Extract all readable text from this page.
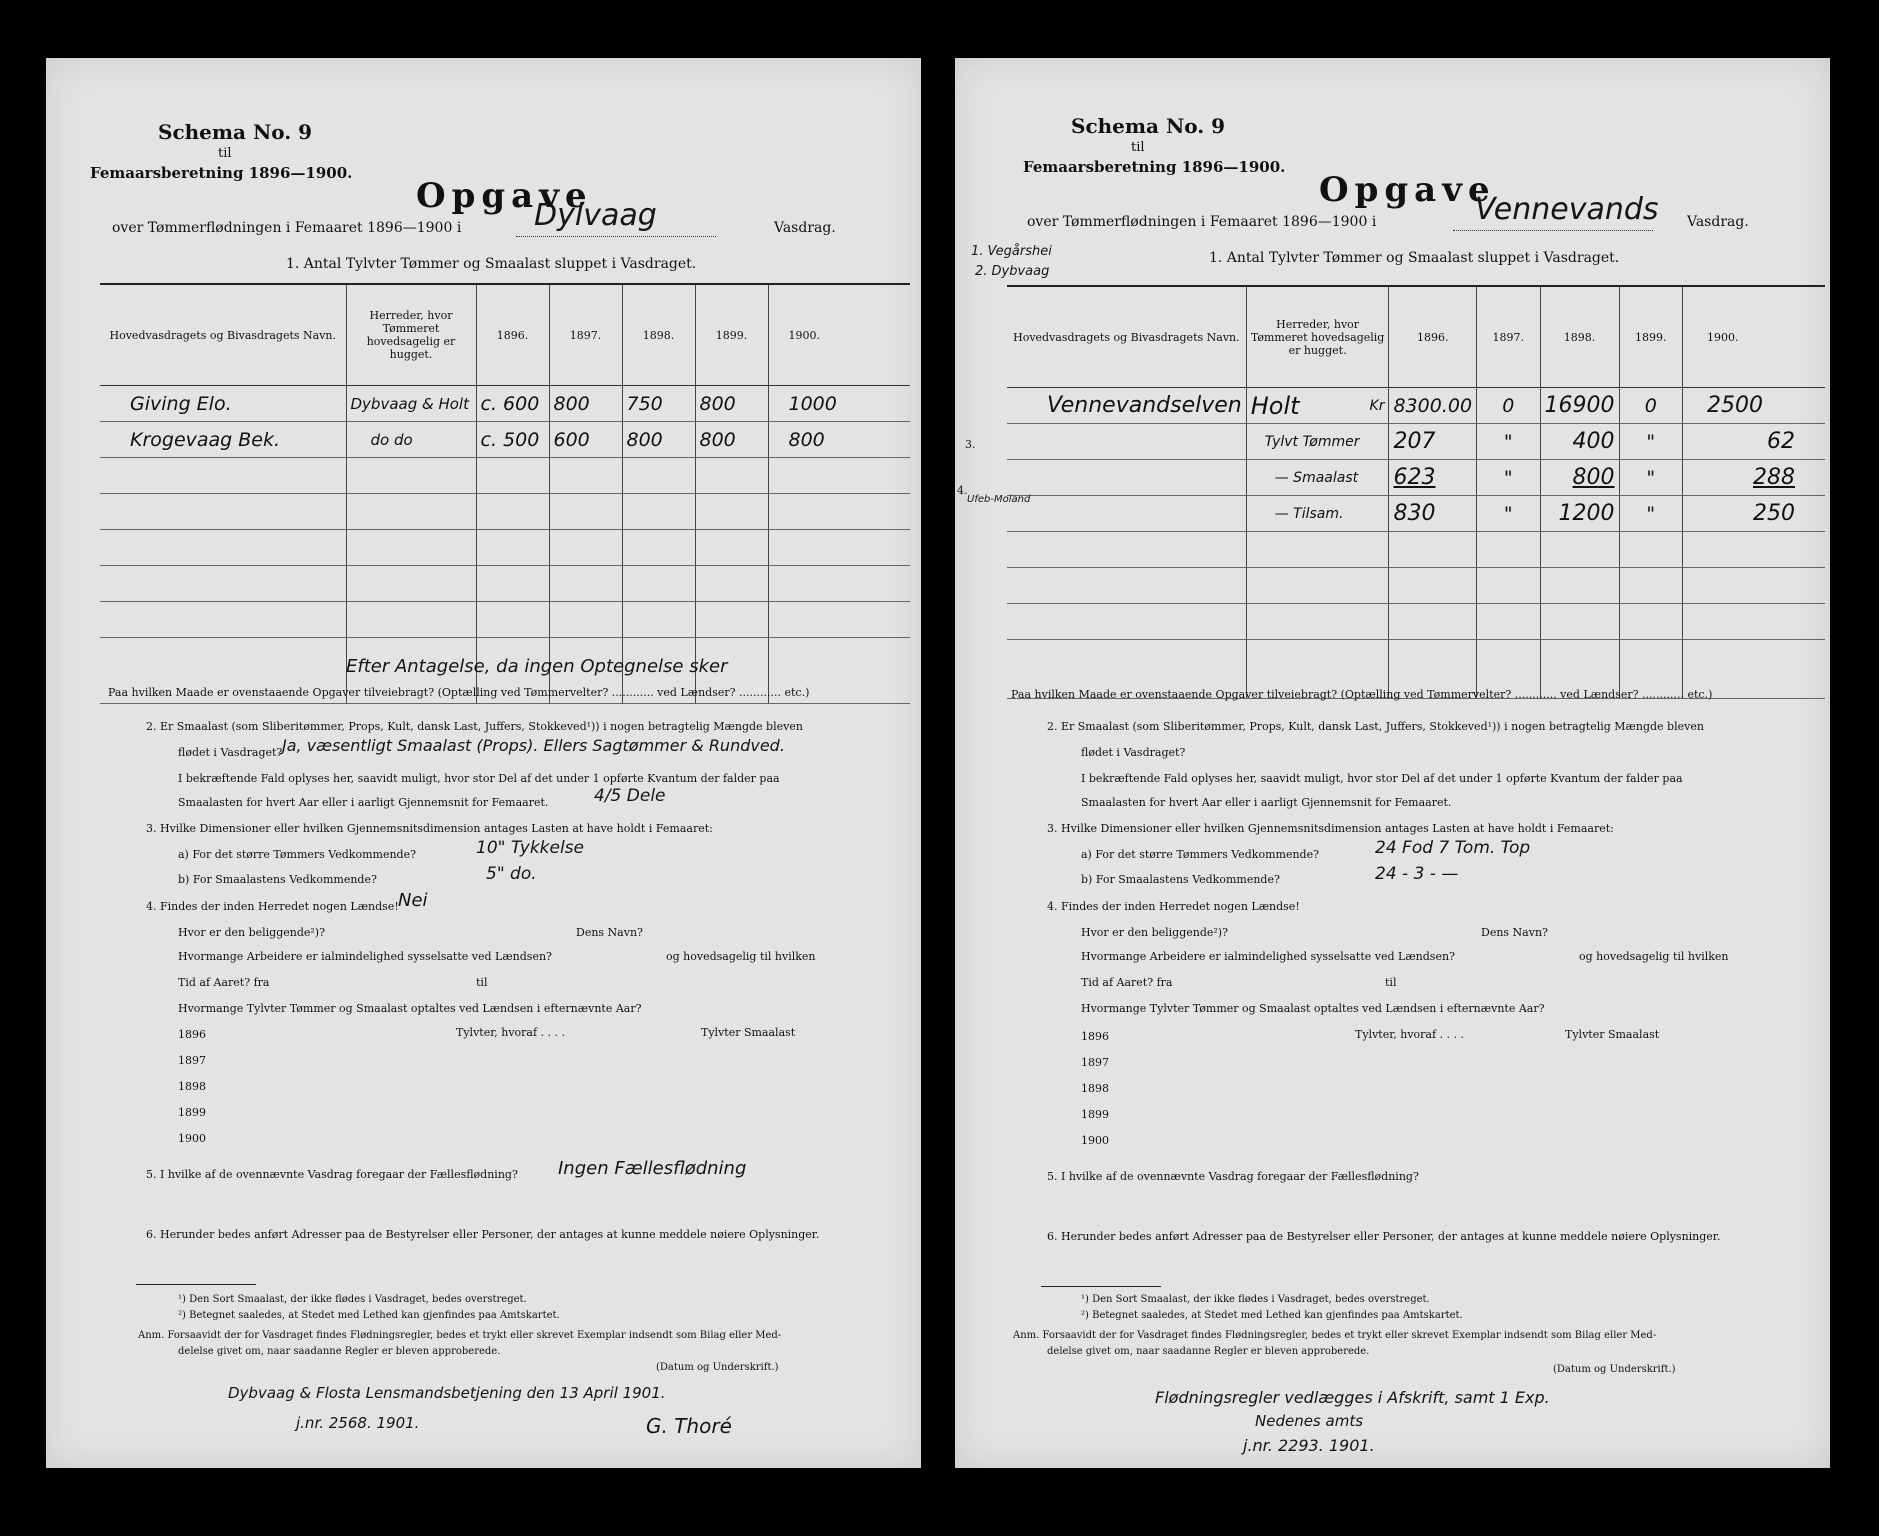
Schema No. 9
til
Femaarsberetning 1896—1900.
Opgave
over Tømmerflødningen i Femaaret 1896—1900 i Dylvaag	Vasdrag.
1. Antal Tylvter Tømmer og Smaalast sluppet i Vasdraget.
Hovedvasdragets og Bivasdragets Navn.	Herreder, hvor Tømmeret hovedsagelig er hugget.	1896.	1897.	1898.	1899.	1900.
Giving Elo.	Dybvaag & Holt	c. 600	800	750	800	1000
Krogevaag Bek.	do do	c. 500	600	800	800	800

Efter Antagelse, da ingen Optegnelse sker
Paa hvilken Maade er ovenstaaende Opgaver tilveiebragt? (Optælling ved Tømmervelter? ............ ved Lændser? ............ etc.)
2. Er Smaalast (som Sliberitømmer, Props, Kult, dansk Last, Juffers, Stokkeved¹)) i nogen betragtelig Mængde bleven
flødet i Vasdraget? Ja, væsentligt Smaalast (Props). Ellers Sagtømmer & Rundved.
I bekræftende Fald oplyses her, saavidt muligt, hvor stor Del af det under 1 opførte Kvantum der falder paa
Smaalasten for hvert Aar eller i aarligt Gjennemsnit for Femaaret.	4/5 Dele
3. Hvilke Dimensioner eller hvilken Gjennemsnitsdimension antages Lasten at have holdt i Femaaret:
a) For det større Tømmers Vedkommende?	10" Tykkelse
b) For Smaalastens Vedkommende?	5" do.
4. Findes der inden Herredet nogen Lændse! Nei
Hvor er den beliggende²)?	Dens Navn?
Hvormange Arbeidere er ialmindelighed sysselsatte ved Lændsen?	og hovedsagelig til hvilken
Tid af Aaret? fra	til
Hvormange Tylvter Tømmer og Smaalast optaltes ved Lændsen i efternævnte Aar?
Tylvter, hvoraf . . . .	Tylvter Smaalast
1896
1897
1898
1899
1900
5. I hvilke af de ovennævnte Vasdrag foregaar der Fællesflødning? Ingen Fællesflødning
6. Herunder bedes anført Adresser paa de Bestyrelser eller Personer, der antages at kunne meddele nøiere Oplysninger.
¹) Den Sort Smaalast, der ikke flødes i Vasdraget, bedes overstreget.
²) Betegnet saaledes, at Stedet med Lethed kan gjenfindes paa Amtskartet.
Anm. Forsaavidt der for Vasdraget findes Flødningsregler, bedes et trykt eller skrevet Exemplar indsendt som Bilag eller Med-
delelse givet om, naar saadanne Regler er bleven approberede.
(Datum og Underskrift.)
Dybvaag & Flosta Lensmandsbetjening den 13 April 1901.
j.nr. 2568. 1901.	G. Thoré
Schema No. 9
til
Femaarsberetning 1896—1900.
Opgave
over Tømmerflødningen i Femaaret 1896—1900 i	Vennevands Vasdrag.
1. Vegårshei
2. Dybvaag
1. Antal Tylvter Tømmer og Smaalast sluppet i Vasdraget.
Hovedvasdragets og Bivasdragets Navn.	Herreder, hvor Tømmeret hovedsagelig er hugget.	1896.	1897.	1898.	1899.	1900.
Vennevandselven	Holt Kr	8300.00	0	16900	0	2500
	Tylvt Tømmer	207	"	400	"	62
	— Smaalast	623	"	800	"	288
	— Tilsam.	830	"	1200	"	250

3.
4.
Ufeb-Moland
Paa hvilken Maade er ovenstaaende Opgaver tilveiebragt? (Optælling ved Tømmervelter? ............ ved Lændser? ............ etc.)
2. Er Smaalast (som Sliberitømmer, Props, Kult, dansk Last, Juffers, Stokkeved¹)) i nogen betragtelig Mængde bleven
flødet i Vasdraget?
I bekræftende Fald oplyses her, saavidt muligt, hvor stor Del af det under 1 opførte Kvantum der falder paa
Smaalasten for hvert Aar eller i aarligt Gjennemsnit for Femaaret.
3. Hvilke Dimensioner eller hvilken Gjennemsnitsdimension antages Lasten at have holdt i Femaaret:
a) For det større Tømmers Vedkommende?	24 Fod 7 Tom. Top
b) For Smaalastens Vedkommende?	24 - 3 - —
4. Findes der inden Herredet nogen Lændse!
Hvor er den beliggende²)?	Dens Navn?
Hvormange Arbeidere er ialmindelighed sysselsatte ved Lændsen?	og hovedsagelig til hvilken
Tid af Aaret? fra	til
Hvormange Tylvter Tømmer og Smaalast optaltes ved Lændsen i efternævnte Aar?
Tylvter, hvoraf . . . .	Tylvter Smaalast
1896
1897
1898
1899
1900
5. I hvilke af de ovennævnte Vasdrag foregaar der Fællesflødning?
6. Herunder bedes anført Adresser paa de Bestyrelser eller Personer, der antages at kunne meddele nøiere Oplysninger.
¹) Den Sort Smaalast, der ikke flødes i Vasdraget, bedes overstreget.
²) Betegnet saaledes, at Stedet med Lethed kan gjenfindes paa Amtskartet.
Anm. Forsaavidt der for Vasdraget findes Flødningsregler, bedes et trykt eller skrevet Exemplar indsendt som Bilag eller Med-
delelse givet om, naar saadanne Regler er bleven approberede.
(Datum og Underskrift.)
Flødningsregler vedlægges i Afskrift, samt 1 Exp.
Nedenes amts
j.nr. 2293. 1901.
